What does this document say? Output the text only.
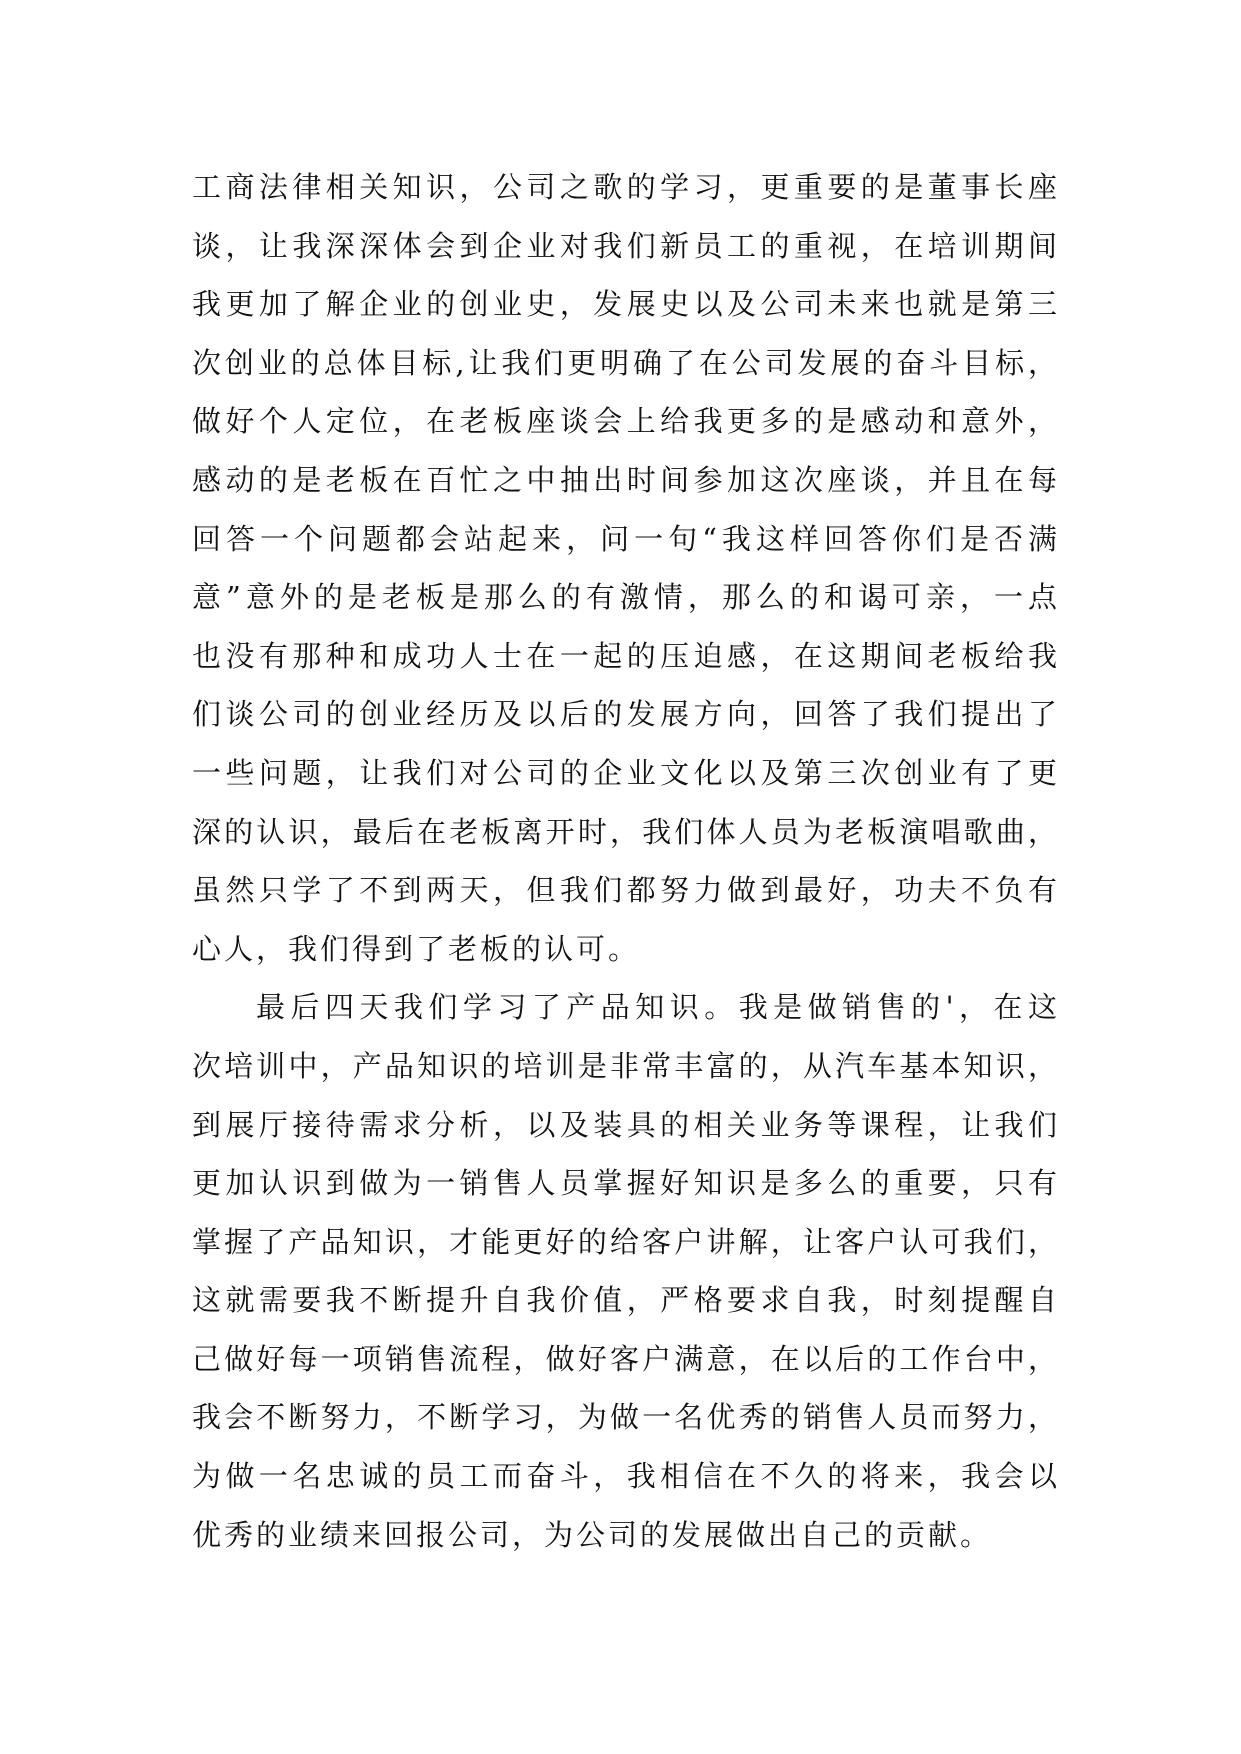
工商法律相关知识，公司之歌的学习，更重要的是董事长座
谈，让我深深体会到企业对我们新员工的重视，在培训期间
我更加了解企业的创业史，发展史以及公司未来也就是第三
次创业的总体目标,让我们更明确了在公司发展的奋斗目标，
做好个人定位，在老板座谈会上给我更多的是感动和意外，
感动的是老板在百忙之中抽出时间参加这次座谈，并且在每
回答一个问题都会站起来，问一句“我这样回答你们是否满
意”意外的是老板是那么的有激情，那么的和谒可亲，一点
也没有那种和成功人士在一起的压迫感，在这期间老板给我
们谈公司的创业经历及以后的发展方向，回答了我们提出了
一些问题，让我们对公司的企业文化以及第三次创业有了更
深的认识，最后在老板离开时，我们体人员为老板演唱歌曲，
虽然只学了不到两天，但我们都努力做到最好，功夫不负有
心人，我们得到了老板的认可。
最后四天我们学习了产品知识。我是做销售的'，在这
次培训中，产品知识的培训是非常丰富的，从汽车基本知识，
到展厅接待需求分析，以及装具的相关业务等课程，让我们
更加认识到做为一销售人员掌握好知识是多么的重要，只有
掌握了产品知识，才能更好的给客户讲解，让客户认可我们，
这就需要我不断提升自我价值，严格要求自我，时刻提醒自
己做好每一项销售流程，做好客户满意，在以后的工作台中，
我会不断努力，不断学习，为做一名优秀的销售人员而努力，
为做一名忠诚的员工而奋斗，我相信在不久的将来，我会以
优秀的业绩来回报公司，为公司的发展做出自己的贡献。
